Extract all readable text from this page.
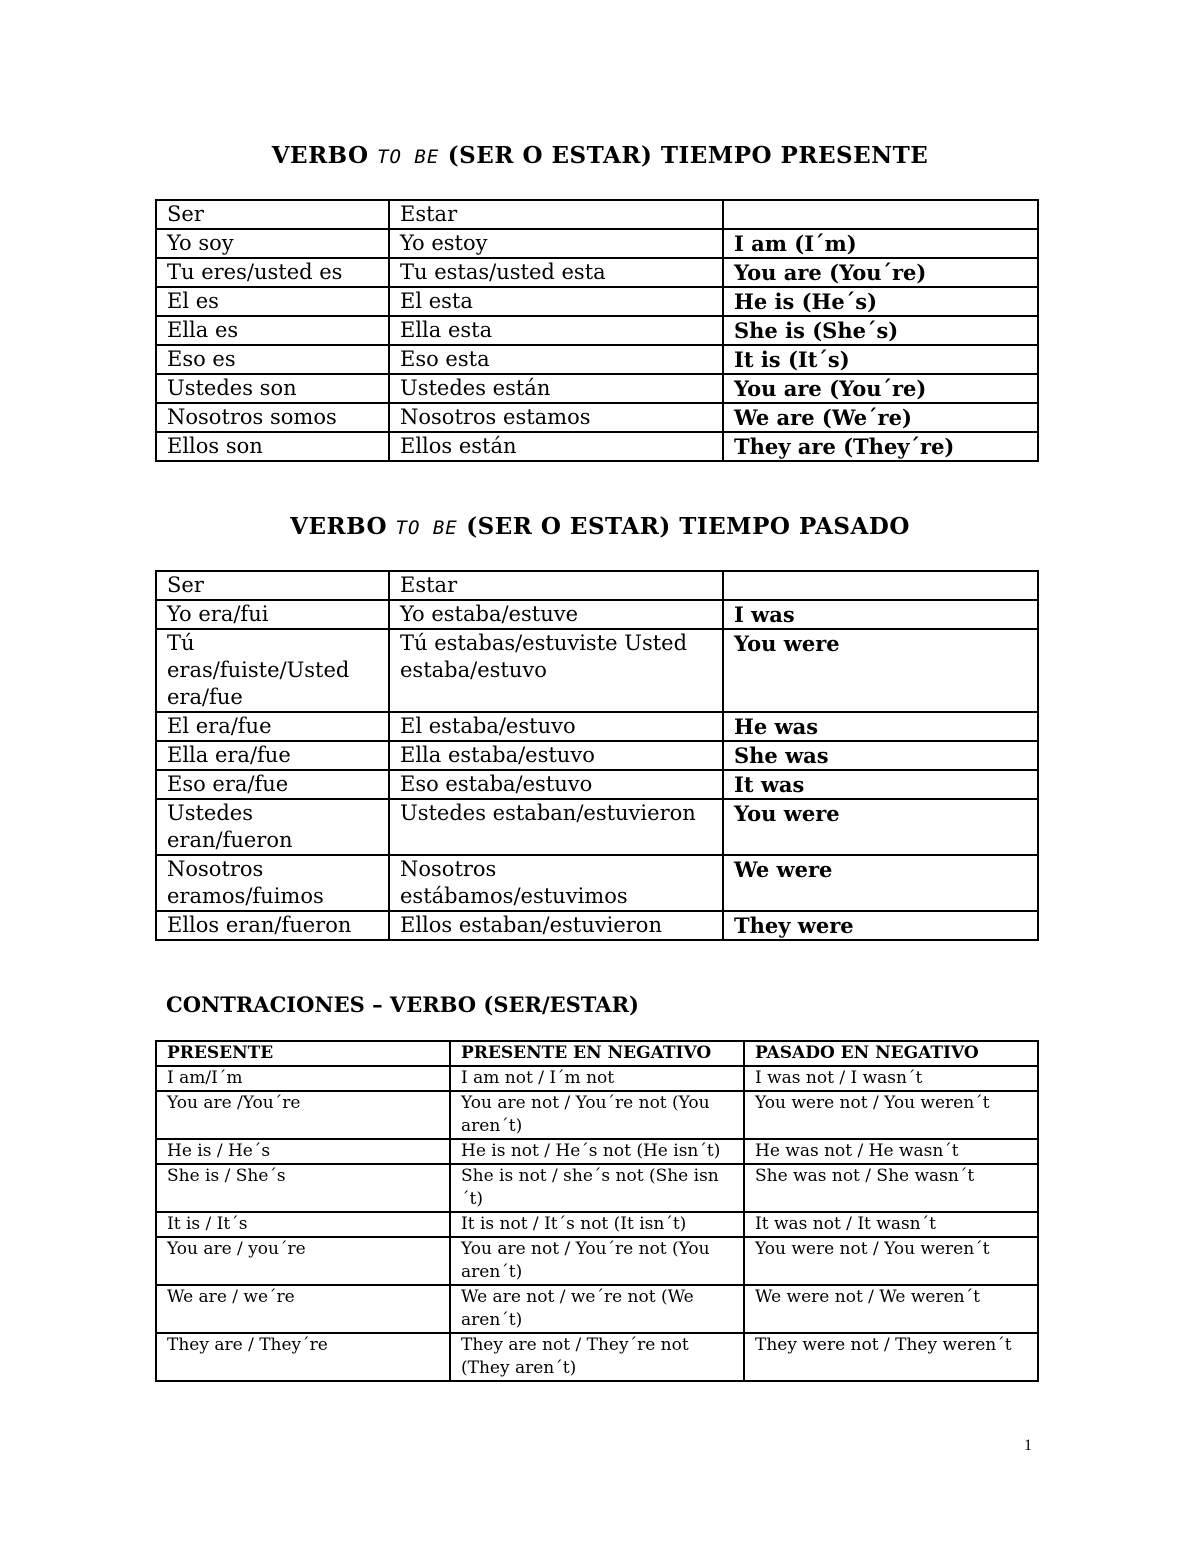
VERBO TO BE (SER O ESTAR) TIEMPO PRESENTE
Ser	Estar	
Yo soy	Yo estoy	I am (I´m)
Tu eres/usted es	Tu estas/usted esta	You are (You´re)
El es	El esta	He is (He´s)
Ella es	Ella esta	She is (She´s)
Eso es	Eso esta	It is (It´s)
Ustedes son	Ustedes están	You are (You´re)
Nosotros somos	Nosotros estamos	We are (We´re)
Ellos son	Ellos están	They are (They´re)
VERBO TO BE (SER O ESTAR) TIEMPO PASADO
Ser	Estar	
Yo era/fui	Yo estaba/estuve	I was
Tú eras/fuiste/Usted era/fue	Tú estabas/estuviste Usted estaba/estuvo	You were
El era/fue	El estaba/estuvo	He was
Ella era/fue	Ella estaba/estuvo	She was
Eso era/fue	Eso estaba/estuvo	It was
Ustedes eran/fueron	Ustedes estaban/estuvieron	You were
Nosotros eramos/fuimos	Nosotros estábamos/estuvimos	We were
Ellos eran/fueron	Ellos estaban/estuvieron	They were
CONTRACIONES – VERBO (SER/ESTAR)
PRESENTE	PRESENTE EN NEGATIVO	PASADO EN NEGATIVO
I am/I´m	I am not / I´m not	I was not / I wasn´t
You are /You´re	You are not / You´re not (You aren´t)	You were not / You weren´t
He is / He´s	He is not / He´s not (He isn´t)	He was not / He wasn´t
She is / She´s	She is not / she´s not (She isn´t)	She was not / She wasn´t
It is / It´s	It is not / It´s not (It isn´t)	It was not / It wasn´t
You are / you´re	You are not / You´re not (You aren´t)	You were not / You weren´t
We are / we´re	We are not / we´re not (We aren´t)	We were not / We weren´t
They are / They´re	They are not / They´re not (They aren´t)	They were not / They weren´t
1
